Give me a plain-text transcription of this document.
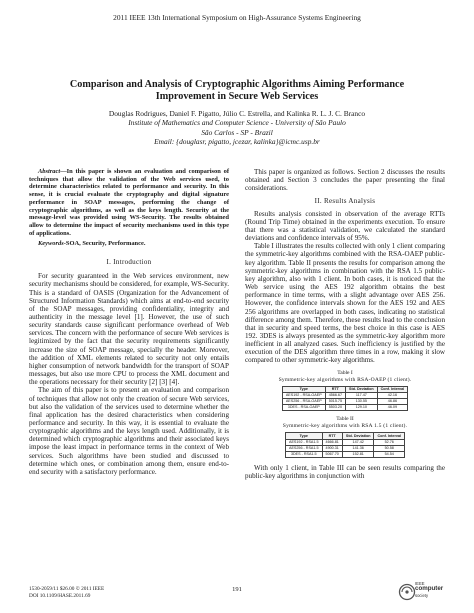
2011 IEEE 13th International Symposium on High-Assurance Systems Engineering
Comparison and Analysis of Cryptographic Algorithms Aiming Performance
Improvement in Secure Web Services
Douglas Rodrigues, Daniel F. Pigatto, Júlio C. Estrella, and Kalinka R. L. J. C. Branco
Institute of Mathematics and Computer Science - University of São Paulo
São Carlos - SP - Brazil
Email: {douglasr, pigatto, jcezar, kalinka}@icmc.usp.br

Abstract—In this paper is shown an evaluation and comparison of techniques that allow the validation of the Web services used, to determine characteristics related to performance and security. In this sense, it is crucial evaluate the cryptography and digital signature performance in SOAP messages, performing the change of cryptographic algorithms, as well as the keys length. Security at the message-level was provided using WS-Security. The results obtained allow to determine the impact of security mechanisms used in this type of applications.

Keywords-SOA, Security, Performance.

I. Introduction

For security guaranteed in the Web services environment, new security mechanisms should be considered, for example, WS-Security. This is a standard of OASIS (Organization for the Advancement of Structured Information Standards) which aims at end-to-end security of the SOAP messages, providing confidentiality, integrity and authenticity in the message level [1]. However, the use of such security standards cause significant performance overhead of Web services. The concern with the performance of secure Web services is legitimized by the fact that the security requirements significantly increase the size of SOAP message, specially the header. Moreover, the addition of XML elements related to security not only entails higher consumption of network bandwidth for the transport of SOAP messages, but also use more CPU to process the XML document and the operations necessary for their security [2] [3] [4].

The aim of this paper is to present an evaluation and comparison of techniques that allow not only the creation of secure Web services, but also the validation of the services used to determine whether the final application has the desired characteristics when considering performance and security. In this way, it is essential to evaluate the cryptographic algorithms and the keys length used. Additionally, it is determined which cryptographic algorithms and their associated keys impose the least impact in performance terms in the context of Web services. Such algorithms have been studied and discussed to determine which ones, or combination among them, ensure end-to-end security with a satisfactory performance.

This paper is organized as follows. Section 2 discusses the results obtained and Section 3 concludes the paper presenting the final considerations.

II. Results Analysis

Results analysis consisted in observation of the average RTTs (Round Trip Time) obtained in the experiments execution. To ensure that there was a statistical validation, we calculated the standard deviations and confidence intervals of 95%.

Table I illustrates the results collected with only 1 client comparing the symmetric-key algorithms combined with the RSA-OAEP public-key algorithm. Table II presents the results for comparison among the symmetric-key algorithms in combination with the RSA 1.5 public-key algorithm, also with 1 client. In both cases, it is noticed that the Web service using the AES 192 algorithm obtains the best performance in time terms, with a slight advantage over AES 256. However, the confidence intervals shown for the AES 192 and AES 256 algorithms are overlapped in both cases, indicating no statistical difference among them. Therefore, these results lead to the conclusion that in security and speed terms, the best choice in this case is AES 192. 3DES is always presented as the symmetric-key algorithm more inefficient in all analyzed cases. Such inefficiency is justified by the execution of the DES algorithm three times in a row, making it slow compared to other symmetric-key algorithms.

Table I
Symmetric-key algorithms with RSA-OAEP (1 client).
Type	RTT	Std. Deviation	Conf. Interval
AES192 - RSA-OAEP	4566.67	117.47	42.16
AES256 - RSA-OAEP	5015.75	130.55	46.86
3DES - RSA-OAEP	5503.20	129.10	46.09
Table II
Symmetric-key algorithms with RSA 1.5 (1 client).
Type	RTT	Std. Deviation	Conf. Interval
AES192 - RSA1.5	4666.81	147.42	52.76
AES256 - RSA1.5	4900.31	141.36	50.58
3DES - RSA1.5	5067.70	152.81	54.54

With only 1 client, in Table III can be seen results comparing the public-key algorithms in conjunction with

1530-2059/11 $26.00 © 2011 IEEE
DOI 10.1109/HASE.2011.69
191
IEEE
computer
society
